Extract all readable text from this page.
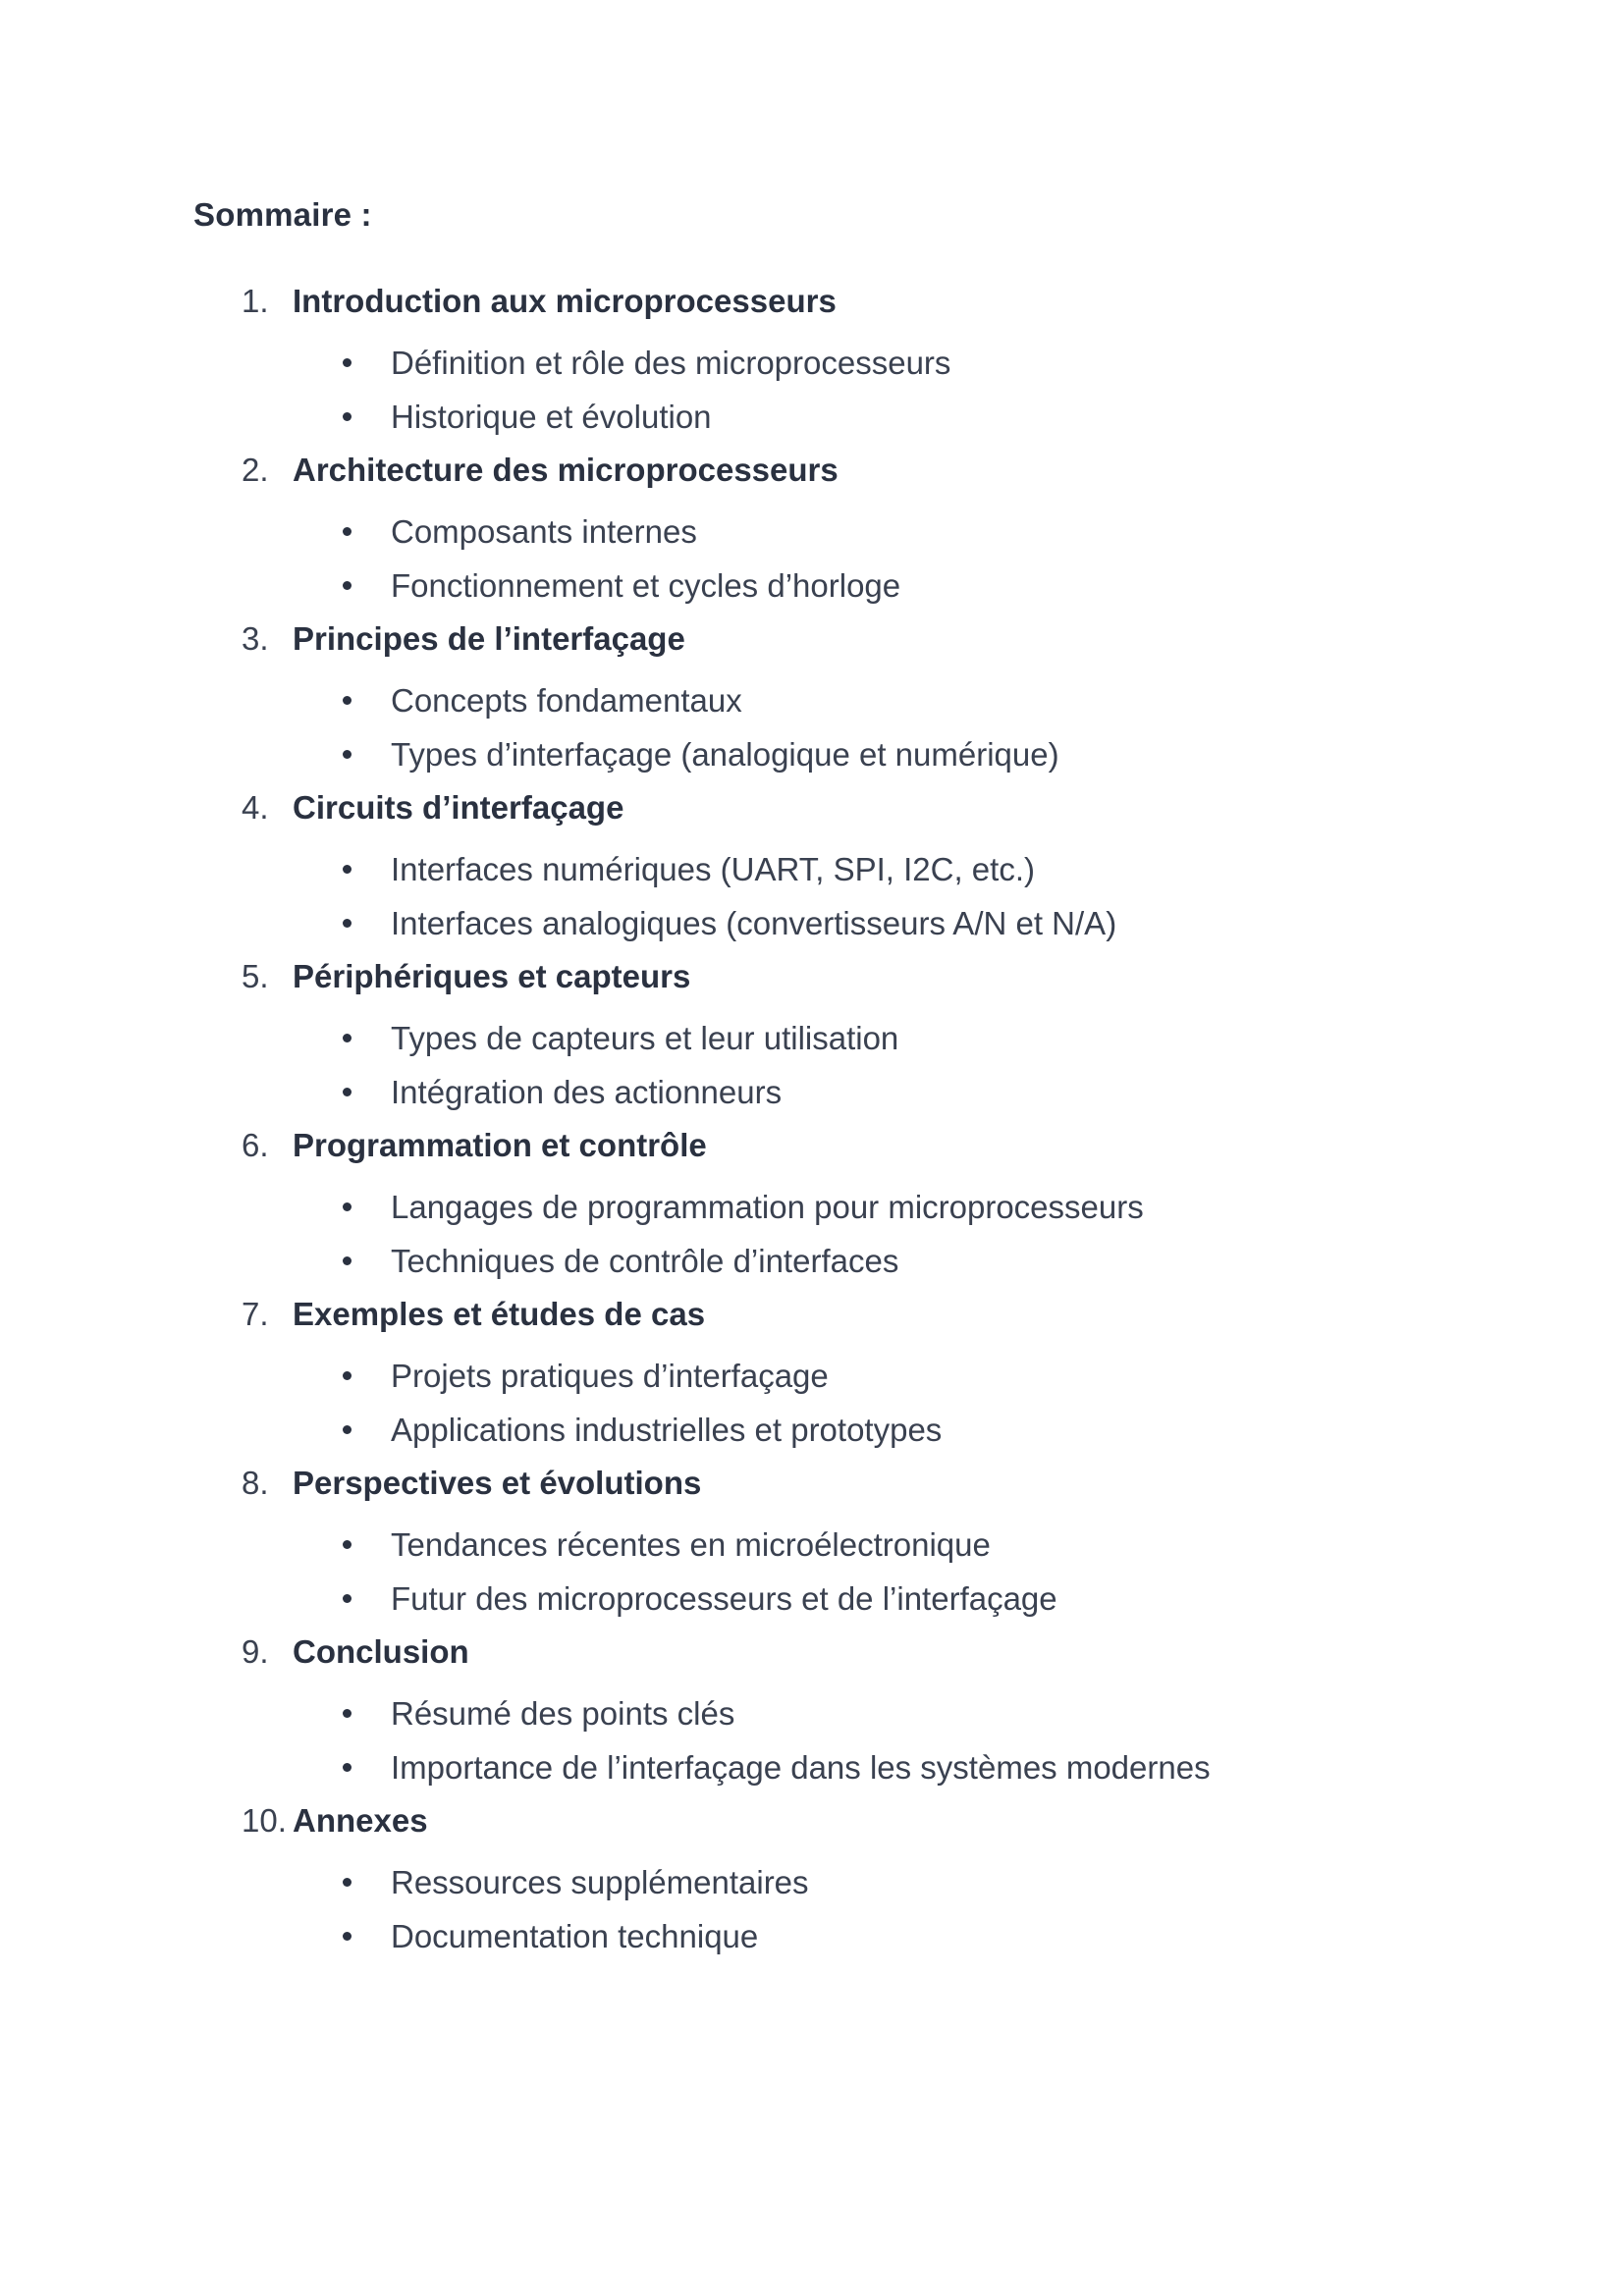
Sommaire :
1. Introduction aux microprocesseurs
Définition et rôle des microprocesseurs
Historique et évolution
2. Architecture des microprocesseurs
Composants internes
Fonctionnement et cycles d’horloge
3. Principes de l’interfaçage
Concepts fondamentaux
Types d’interfaçage (analogique et numérique)
4. Circuits d’interfaçage
Interfaces numériques (UART, SPI, I2C, etc.)
Interfaces analogiques (convertisseurs A/N et N/A)
5. Périphériques et capteurs
Types de capteurs et leur utilisation
Intégration des actionneurs
6. Programmation et contrôle
Langages de programmation pour microprocesseurs
Techniques de contrôle d’interfaces
7. Exemples et études de cas
Projets pratiques d’interfaçage
Applications industrielles et prototypes
8. Perspectives et évolutions
Tendances récentes en microélectronique
Futur des microprocesseurs et de l’interfaçage
9. Conclusion
Résumé des points clés
Importance de l’interfaçage dans les systèmes modernes
10. Annexes
Ressources supplémentaires
Documentation technique
